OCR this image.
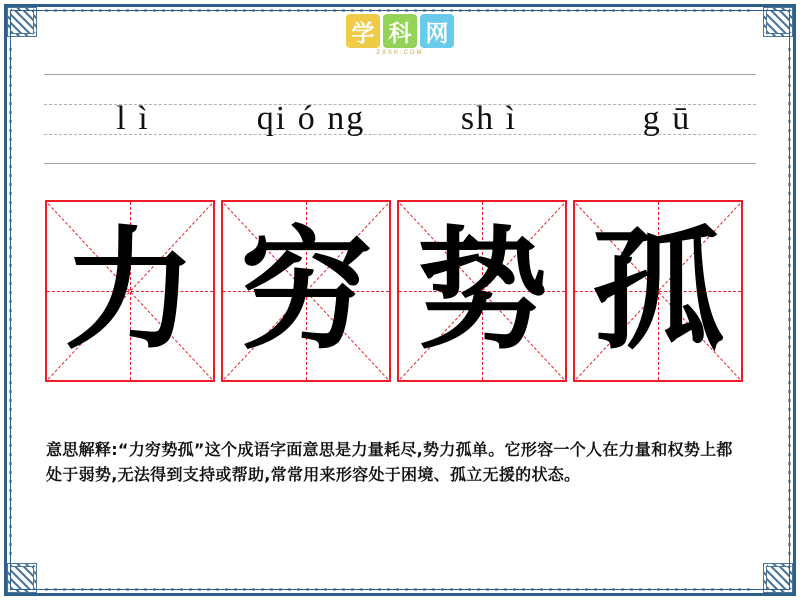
学 科 网
ZXXK.COM
l ì	qi ó ng	sh ì	g ū
力 穷 势 孤
意思解释:“力穷势孤”这个成语字面意思是力量耗尽,势力孤单。它形容一个人在力量和权势上都处于弱势,无法得到支持或帮助,常常用来形容处于困境、孤立无援的状态。
